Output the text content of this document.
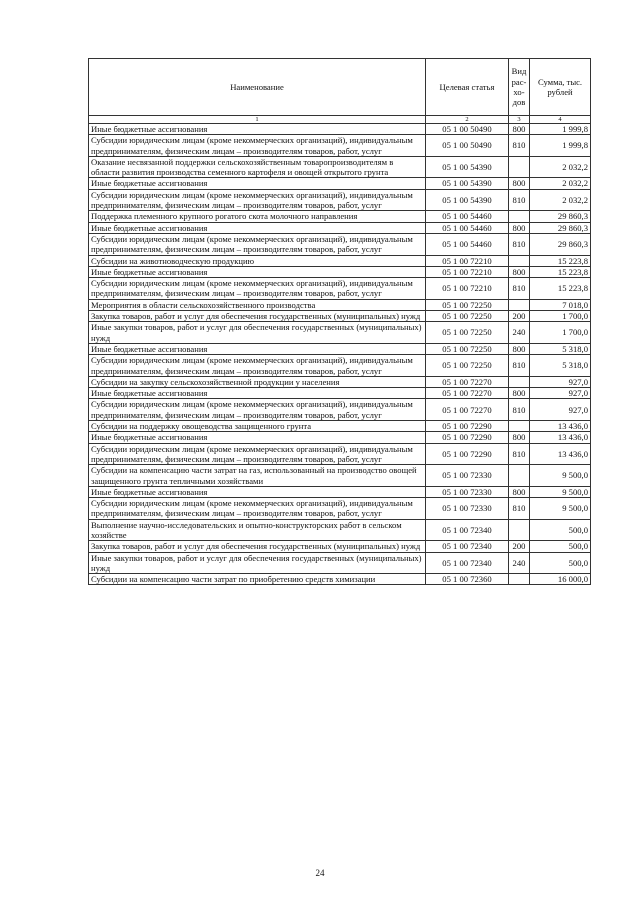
Наименование	Целевая статья	Вид рас-хо-дов	Сумма, тыс. рублей
1	2	3	4
Иные бюджетные ассигнования	05 1 00 50490	800	1 999,8
Субсидии юридическим лицам (кроме некоммерческих организаций), индивидуальным предпринимателям, физическим лицам – производителям товаров, работ, услуг	05 1 00 50490	810	1 999,8
Оказание несвязанной поддержки сельскохозяйственным товаропроизводителям в области развития производства семенного картофеля и овощей открытого грунта	05 1 00 54390		2 032,2
Иные бюджетные ассигнования	05 1 00 54390	800	2 032,2
Субсидии юридическим лицам (кроме некоммерческих организаций), индивидуальным предпринимателям, физическим лицам – производителям товаров, работ, услуг	05 1 00 54390	810	2 032,2
Поддержка племенного крупного рогатого скота молочного направления	05 1 00 54460		29 860,3
Иные бюджетные ассигнования	05 1 00 54460	800	29 860,3
Субсидии юридическим лицам (кроме некоммерческих организаций), индивидуальным предпринимателям, физическим лицам – производителям товаров, работ, услуг	05 1 00 54460	810	29 860,3
Субсидии на животноводческую продукцию	05 1 00 72210		15 223,8
Иные бюджетные ассигнования	05 1 00 72210	800	15 223,8
Субсидии юридическим лицам (кроме некоммерческих организаций), индивидуальным предпринимателям, физическим лицам – производителям товаров, работ, услуг	05 1 00 72210	810	15 223,8
Мероприятия в области сельскохозяйственного производства	05 1 00 72250		7 018,0
Закупка товаров, работ и услуг для обеспечения государственных (муниципальных) нужд	05 1 00 72250	200	1 700,0
Иные закупки товаров, работ и услуг для обеспечения государственных (муниципальных) нужд	05 1 00 72250	240	1 700,0
Иные бюджетные ассигнования	05 1 00 72250	800	5 318,0
Субсидии юридическим лицам (кроме некоммерческих организаций), индивидуальным предпринимателям, физическим лицам – производителям товаров, работ, услуг	05 1 00 72250	810	5 318,0
Субсидии на закупку сельскохозяйственной продукции у населения	05 1 00 72270		927,0
Иные бюджетные ассигнования	05 1 00 72270	800	927,0
Субсидии юридическим лицам (кроме некоммерческих организаций), индивидуальным предпринимателям, физическим лицам – производителям товаров, работ, услуг	05 1 00 72270	810	927,0
Субсидии на поддержку овощеводства защищенного грунта	05 1 00 72290		13 436,0
Иные бюджетные ассигнования	05 1 00 72290	800	13 436,0
Субсидии юридическим лицам (кроме некоммерческих организаций), индивидуальным предпринимателям, физическим лицам – производителям товаров, работ, услуг	05 1 00 72290	810	13 436,0
Субсидии на компенсацию части затрат на газ, использованный на производство овощей защищенного грунта тепличными хозяйствами	05 1 00 72330		9 500,0
Иные бюджетные ассигнования	05 1 00 72330	800	9 500,0
Субсидии юридическим лицам (кроме некоммерческих организаций), индивидуальным предпринимателям, физическим лицам – производителям товаров, работ, услуг	05 1 00 72330	810	9 500,0
Выполнение научно-исследовательских и опытно-конструкторских работ в сельском хозяйстве	05 1 00 72340		500,0
Закупка товаров, работ и услуг для обеспечения государственных (муниципальных) нужд	05 1 00 72340	200	500,0
Иные закупки товаров, работ и услуг для обеспечения государственных (муниципальных) нужд	05 1 00 72340	240	500,0
Субсидии на компенсацию части затрат по приобретению средств химизации	05 1 00 72360		16 000,0
24
